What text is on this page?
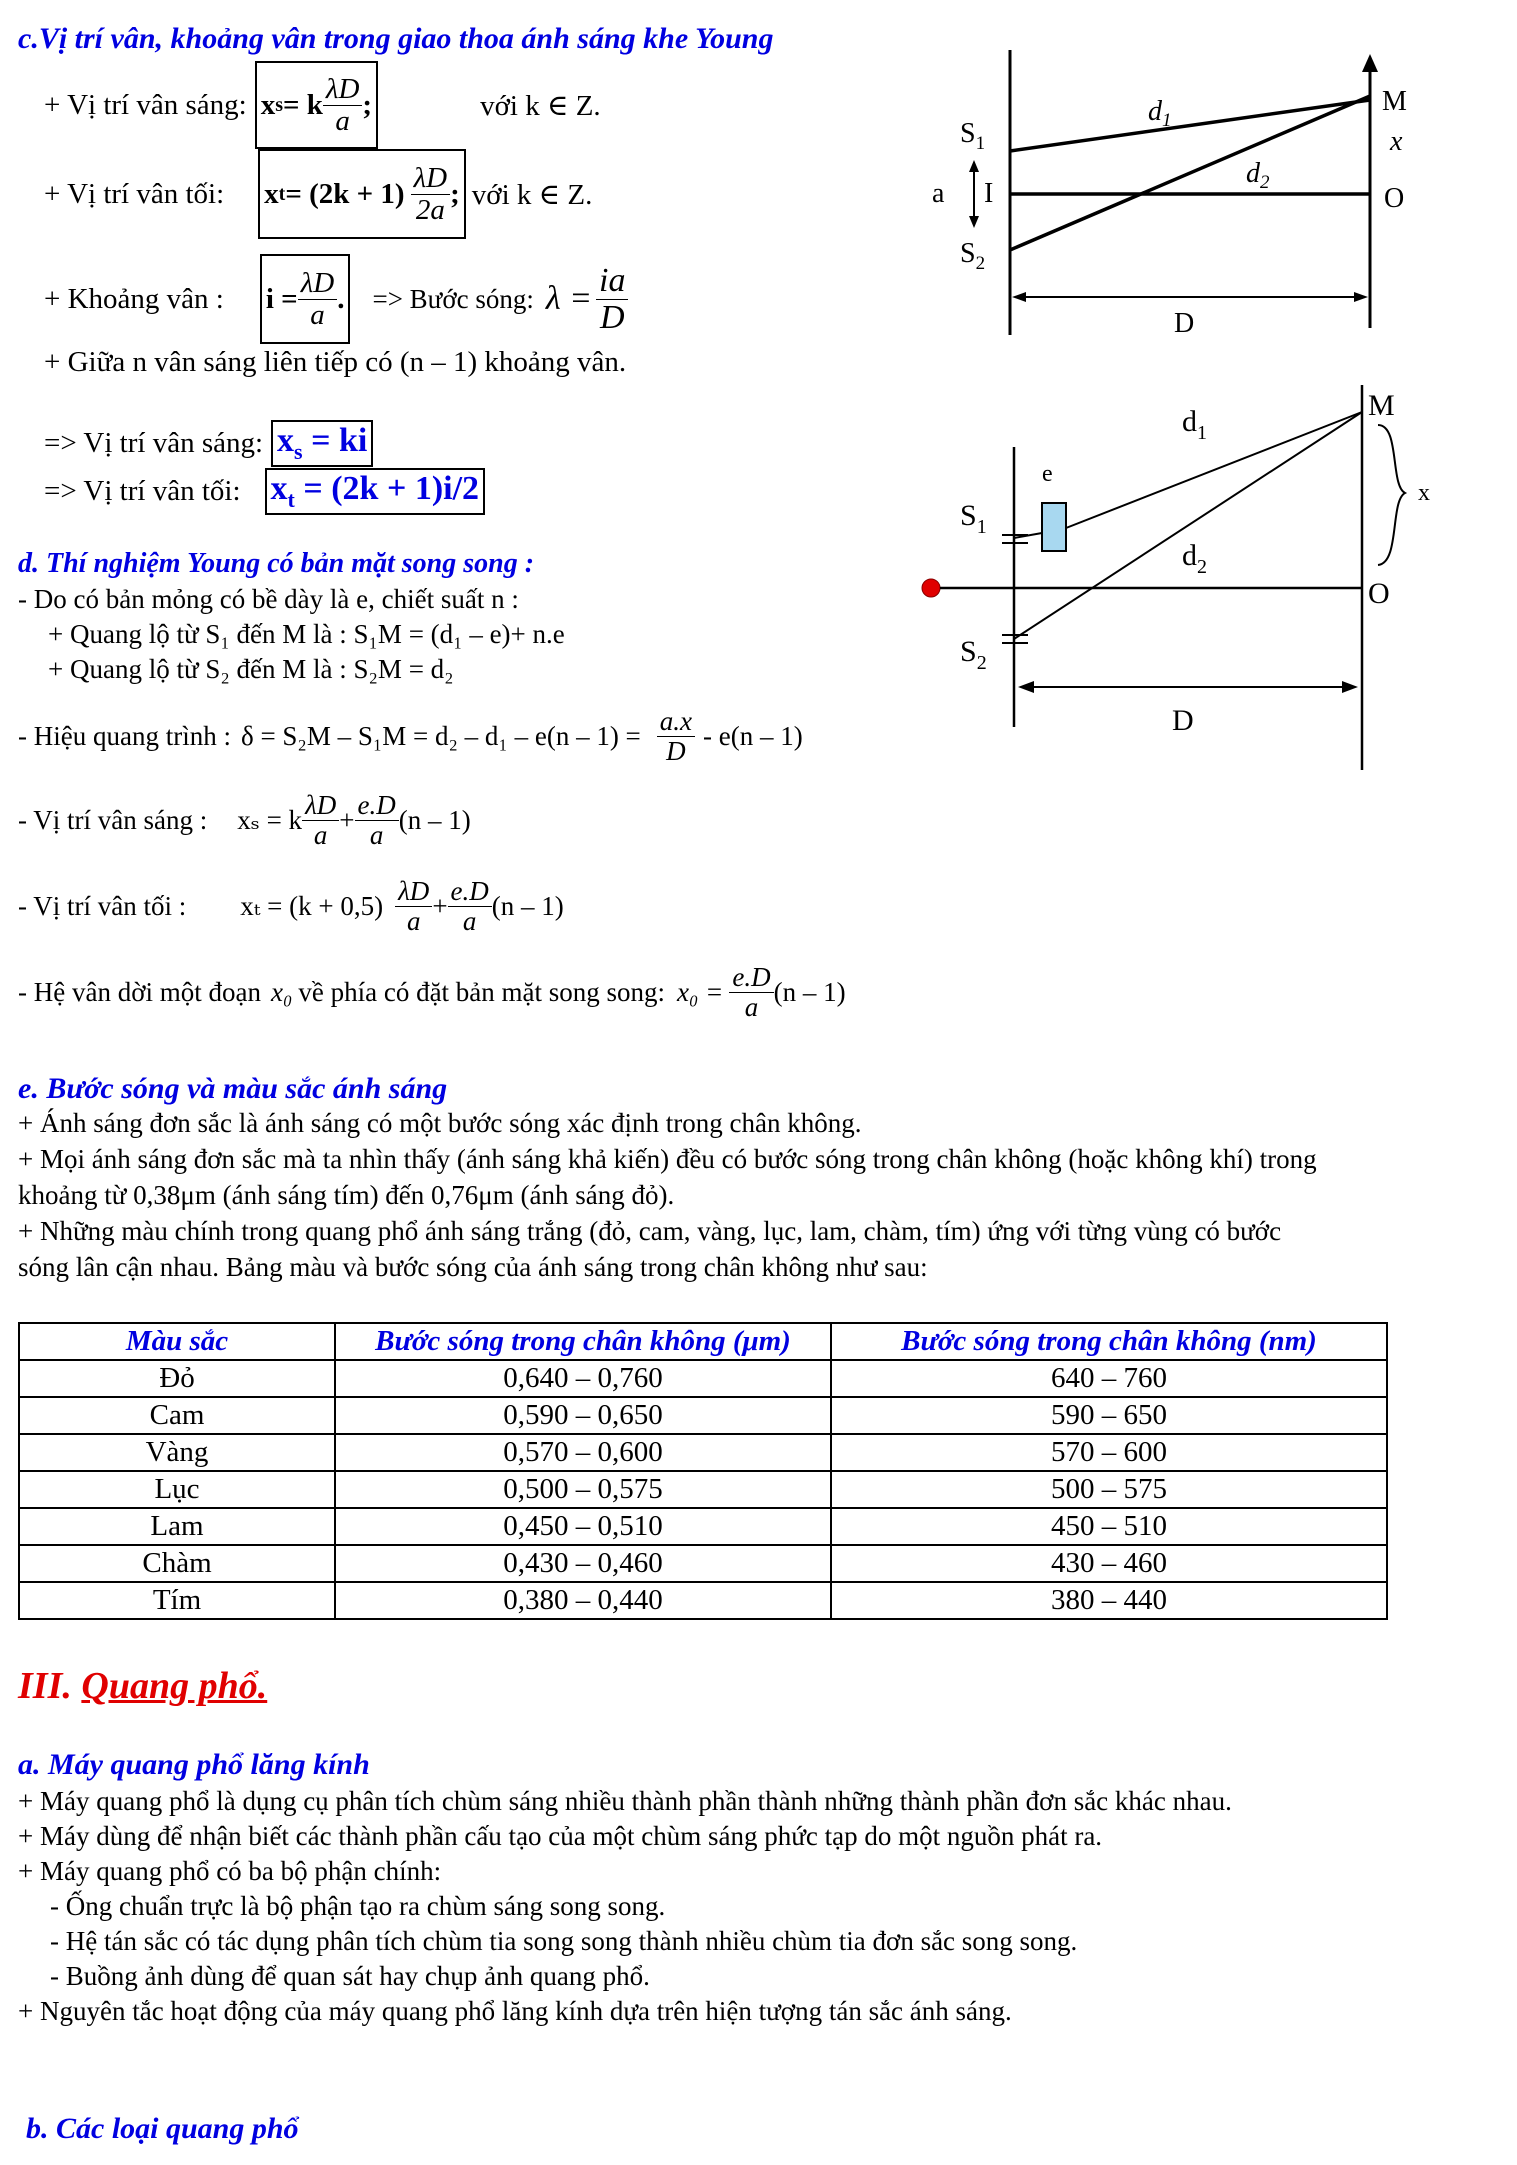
c.Vị trí vân, khoảng vân trong giao thoa ánh sáng khe Young
+ Vị trí vân sáng: x s = k $\frac{\lambda D}{a}$ ;	với k ∈ Z.
+ Vị trí vân tối: x $t = (2k + 1) \frac{\lambda D}{2a}$ ; với k ∈ Z.
+ Khoảng vân : $i = \frac{\lambda D}{a}$ . => Bước sóng: $\lambda = \frac{ia}{D}$
+ Giữa n vân sáng liên tiếp có (n – 1) khoảng vân.
=> Vị trí vân sáng: $x_s$ = ki
=> Vị trí vân tối: $x_t = (2k + 1)i/2$
$S_1$
$S_2$
I
a
M
x
O
$d_1$
$d_2$
D
d. Thí nghiệm Young có bản mặt song song :
- Do có bản mỏng có bề dày là e, chiết suất n :
+ Quang lộ từ S₁ đến M là : S₁M = (d₁ – e)+ n.e
+ Quang lộ từ S₂ đến M là : S₂M = d₂
- Hiệu quang trình : $\delta = S_2M - S_1M = d_2 - d_1 - e(n - 1) = \frac{a.x}{D} - e(n - 1)$
- Vị trí vân sáng : xₛ = k $\frac{\lambda D}{a} + \frac{e.D}{a} (n - 1)$
- Vị trí vân tối : $x_t = (k + 0,5) \frac{\lambda D}{a} + \frac{e.D}{a} (n - 1)$
- Hệ vân dời một đoạn x₀ về phía có đặt bản mặt song song: $x_0 = \frac{e.D}{a} (n - 1)$
M
x
O
e
$S_1$
$S_2$
$d_1$
$d_2$
D
e. Bước sóng và màu sắc ánh sáng
+ Ánh sáng đơn sắc là ánh sáng có một bước sóng xác định trong chân không.
+ Mọi ánh sáng đơn sắc mà ta nhìn thấy (ánh sáng khả kiến) đều có bước sóng trong chân không (hoặc không khí) trong
khoảng từ 0,38μm (ánh sáng tím) đến 0,76μm (ánh sáng đỏ).
+ Những màu chính trong quang phổ ánh sáng trắng (đỏ, cam, vàng, lục, lam, chàm, tím) ứng với từng vùng có bước
sóng lân cận nhau. Bảng màu và bước sóng của ánh sáng trong chân không như sau:
Màu sắc	Bước sóng trong chân không (μm)	Bước sóng trong chân không (nm)
Đỏ	0,640 – 0,760	640 – 760
Cam	0,590 – 0,650	590 – 650
Vàng	0,570 – 0,600	570 – 600
Lục	0,500 – 0,575	500 – 575
Lam	0,450 – 0,510	450 – 510
Chàm	0,430 – 0,460	430 – 460
Tím	0,380 – 0,440	380 – 440
III. Quang phổ.
a. Máy quang phổ lăng kính
+ Máy quang phổ là dụng cụ phân tích chùm sáng nhiều thành phần thành những thành phần đơn sắc khác nhau.
+ Máy dùng để nhận biết các thành phần cấu tạo của một chùm sáng phức tạp do một nguồn phát ra.
+ Máy quang phổ có ba bộ phận chính:
- Ống chuẩn trực là bộ phận tạo ra chùm sáng song song.
- Hệ tán sắc có tác dụng phân tích chùm tia song song thành nhiều chùm tia đơn sắc song song.
- Buồng ảnh dùng để quan sát hay chụp ảnh quang phổ.
+ Nguyên tắc hoạt động của máy quang phổ lăng kính dựa trên hiện tượng tán sắc ánh sáng.
b. Các loại quang phổ
